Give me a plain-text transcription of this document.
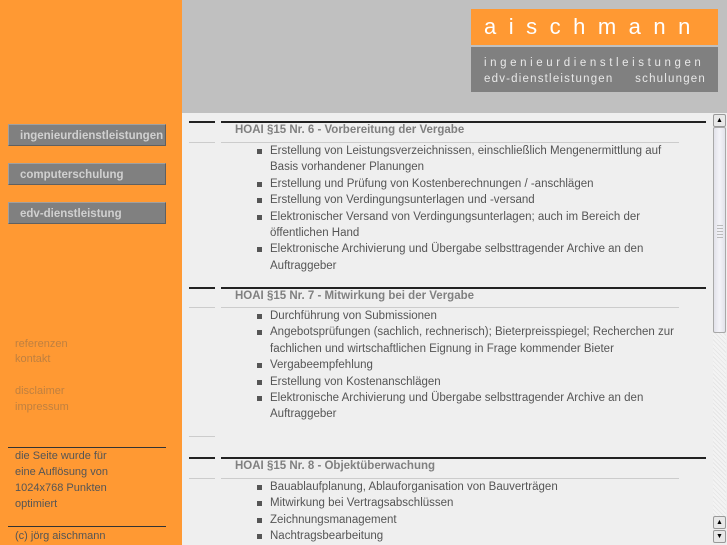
ingenieurdienstleistungen
computerschulung
edv-dienstleistung
referenzen
kontakt
disclaimer
impressum
die Seite wurde für
eine Auflösung von
1024x768 Punkten
optimiert
(c) jörg aischmann
aischmann
ingenieurdienstleistungen
edv-dienstleistungen schulungen
HOAI §15 Nr. 6 - Vorbereitung der Vergabe
Erstellung von Leistungsverzeichnissen, einschließlich Mengenermittlung auf Basis vorhandener Planungen
Erstellung und Prüfung von Kostenberechnungen / -anschlägen
Erstellung von Verdingungsunterlagen und -versand
Elektronischer Versand von Verdingungsunterlagen; auch im Bereich der öffentlichen Hand
Elektronische Archivierung und Übergabe selbsttragender Archive an den Auftraggeber
HOAI §15 Nr. 7 - Mitwirkung bei der Vergabe
Durchführung von Submissionen
Angebotsprüfungen (sachlich, rechnerisch); Bieterpreisspiegel; Recherchen zur fachlichen und wirtschaftlichen Eignung in Frage kommender Bieter
Vergabeempfehlung
Erstellung von Kostenanschlägen
Elektronische Archivierung und Übergabe selbsttragender Archive an den Auftraggeber
HOAI §15 Nr. 8 - Objektüberwachung
Bauablaufplanung, Ablauforganisation von Bauverträgen
Mitwirkung bei Vertragsabschlüssen
Zeichnungsmanagement
Nachtragsbearbeitung
▲
▲
▼
